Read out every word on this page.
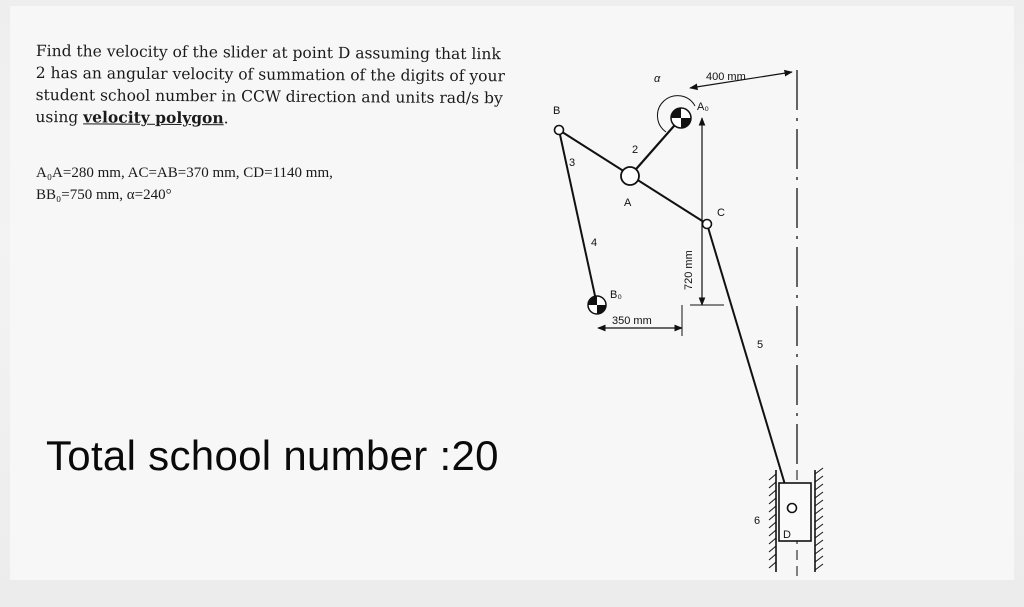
Find the velocity of the slider at point D assuming that link

2 has an angular velocity of summation of the digits of your

student school number in CCW direction and units rad/s by

using velocity polygon.

A₀A=280 mm, AC=AB=370 mm, CD=1140 mm,

BB₀=750 mm, α=240°

Total school number :20
400 mm
α
720 mm
350 mm
B
A
C
D
A₀
B₀
2
3
4
5
6
